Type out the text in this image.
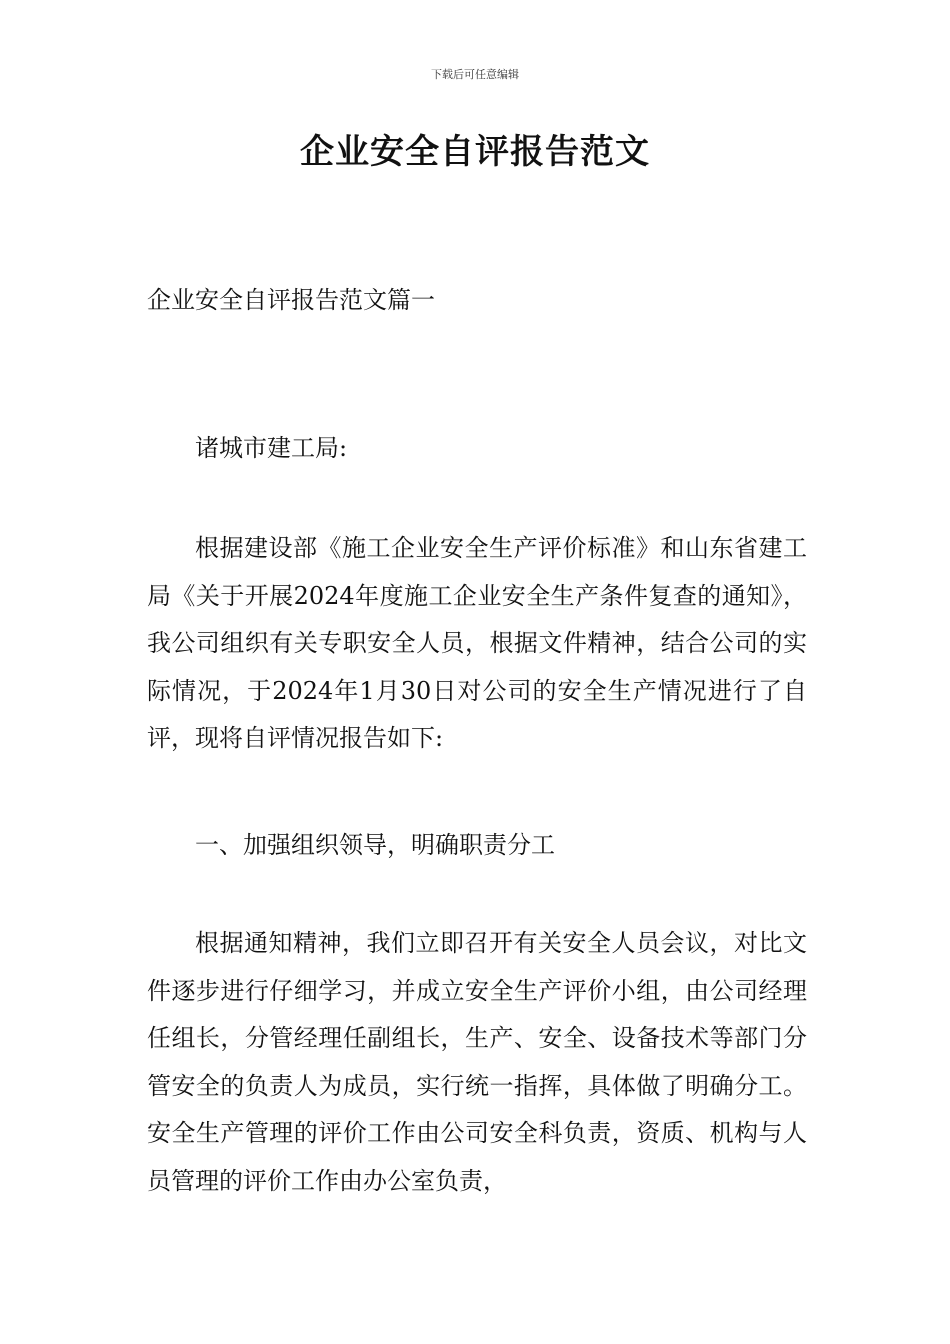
下载后可任意编辑
企业安全自评报告范文
企业安全自评报告范文篇一
诸城市建工局:

根据建设部《施工企业安全生产评价标准》和山东省建工局《关于开展2024年度施工企业安全生产条件复查的通知》，我公司组织有关专职安全人员，根据文件精神，结合公司的实际情况，于2024年1月30日对公司的安全生产情况进行了自评，现将自评情况报告如下:

一、加强组织领导，明确职责分工

根据通知精神，我们立即召开有关安全人员会议，对比文件逐步进行仔细学习，并成立安全生产评价小组，由公司经理任组长，分管经理任副组长，生产、安全、设备技术等部门分管安全的负责人为成员，实行统一指挥，具体做了明确分工。安全生产管理的评价工作由公司安全科负责，资质、机构与人员管理的评价工作由办公室负责，
